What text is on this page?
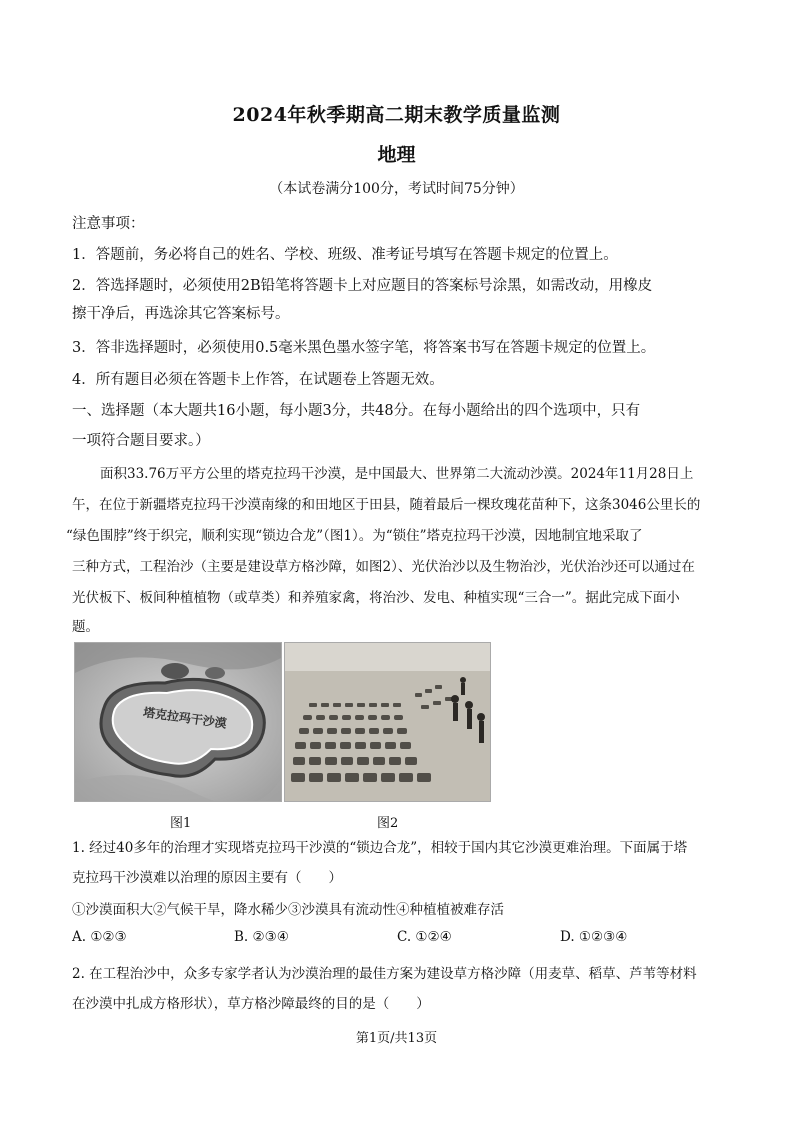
2024年秋季期高二期末教学质量监测
地理
（本试卷满分100分，考试时间75分钟）
注意事项：
1．答题前，务必将自己的姓名、学校、班级、准考证号填写在答题卡规定的位置上。
2．答选择题时，必须使用2B铅笔将答题卡上对应题目的答案标号涂黑，如需改动，用橡皮
擦干净后，再选涂其它答案标号。
3．答非选择题时，必须使用0.5毫米黑色墨水签字笔，将答案书写在答题卡规定的位置上。
4．所有题目必须在答题卡上作答，在试题卷上答题无效。
一、选择题（本大题共16小题，每小题3分，共48分。在每小题给出的四个选项中，只有
一项符合题目要求。）
面积33.76万平方公里的塔克拉玛干沙漠，是中国最大、世界第二大流动沙漠。2024年11月28日上
午，在位于新疆塔克拉玛干沙漠南缘的和田地区于田县，随着最后一棵玫瑰花苗种下，这条3046公里长的
“绿色围脖”终于织完，顺利实现“锁边合龙”（图1）。为“锁住”塔克拉玛干沙漠，因地制宜地采取了
三种方式，工程治沙（主要是建设草方格沙障，如图2）、光伏治沙以及生物治沙，光伏治沙还可以通过在
光伏板下、板间种植植物（或草类）和养殖家禽，将治沙、发电、种植实现“三合一”。据此完成下面小
题。
塔克拉玛干沙漠
图1	图2
1. 经过40多年的治理才实现塔克拉玛干沙漠的“锁边合龙”，相较于国内其它沙漠更难治理。下面属于塔
克拉玛干沙漠难以治理的原因主要有（　　）
①沙漠面积大②气候干旱，降水稀少③沙漠具有流动性④种植植被难存活
A. ①②③	B. ②③④	C. ①②④	D. ①②③④
2. 在工程治沙中，众多专家学者认为沙漠治理的最佳方案为建设草方格沙障（用麦草、稻草、芦苇等材料
在沙漠中扎成方格形状），草方格沙障最终的目的是（　　）
第1页/共13页
